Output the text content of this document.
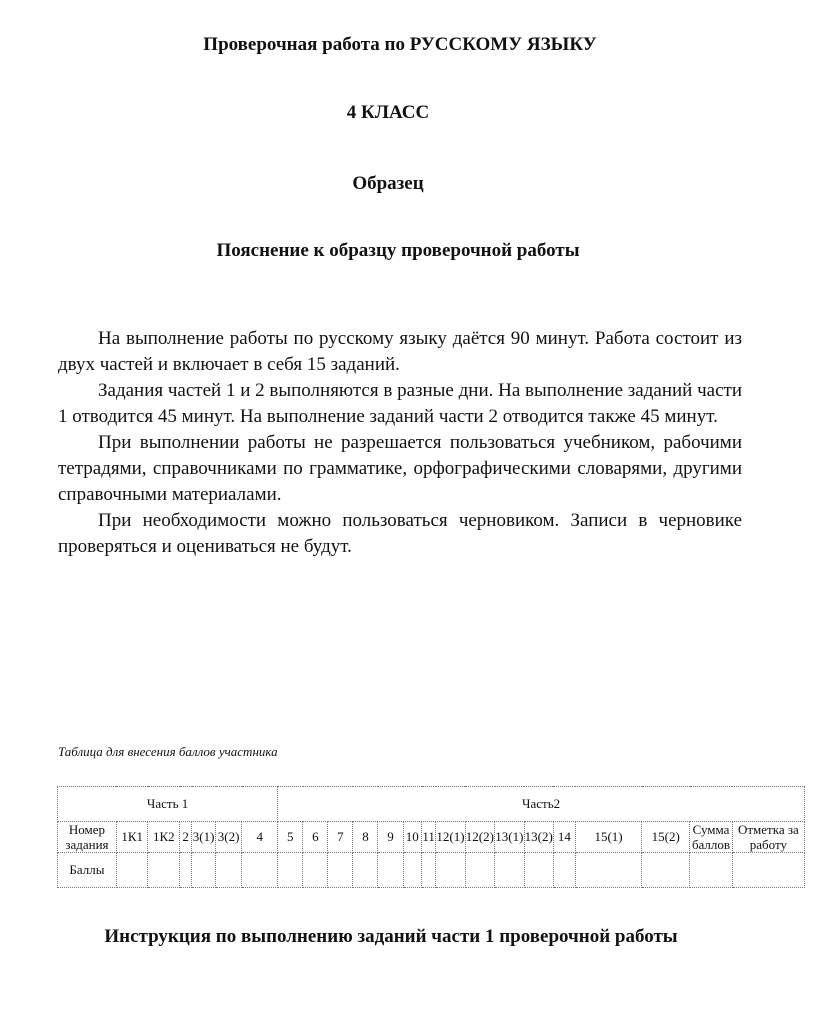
Проверочная работа по РУССКОМУ ЯЗЫКУ
4 КЛАСС
Образец
Пояснение к образцу проверочной работы

На выполнение работы по русскому языку даётся 90 минут. Работа состоит из двух частей и включает в себя 15 заданий.

Задания частей 1 и 2 выполняются в разные дни. На выполнение заданий части 1 отводится 45 минут. На выполнение заданий части 2 отводится также 45 минут.

При выполнении работы не разрешается пользоваться учебником, рабочими тетрадями, справочниками по грамматике, орфографическими словарями, другими справочными материалами.

При необходимости можно пользоваться черновиком. Записи в черновике проверяться и оцениваться не будут.

Таблица для внесения баллов участника
Часть 1							Часть2															
Номер задания	1К1	1К2	2	3(1)	3(2)	4	5	6	7	8	9	10	11	12(1)	12(2)	13(1)	13(2)	14	15(1)	15(2)	Сумма баллов	Отметка за работу
Баллы																						
Инструкция по выполнению заданий части 1 проверочной работы
